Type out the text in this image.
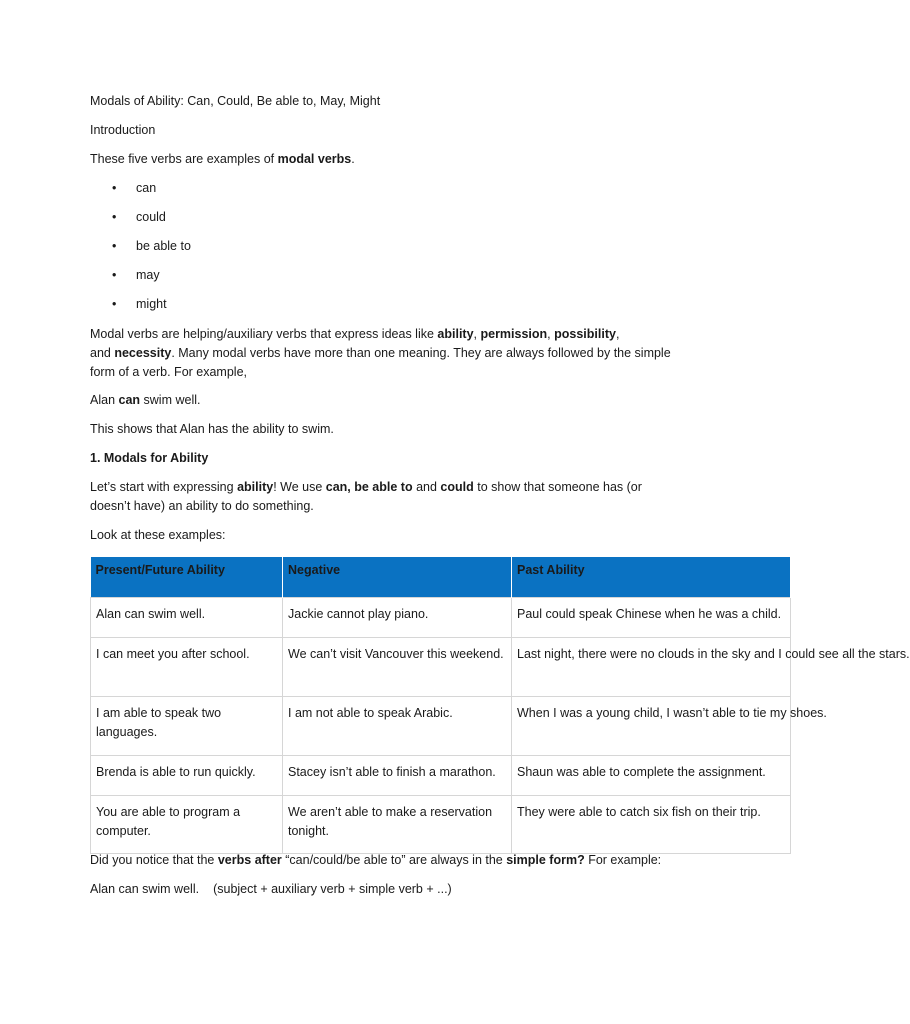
Modals of Ability: Can, Could, Be able to, May, Might

Introduction

These five verbs are examples of modal verbs.

• can
• could
• be able to
• may
• might

Modal verbs are helping/auxiliary verbs that express ideas like ability, permission, possibility,
and necessity. Many modal verbs have more than one meaning. They are always followed by the simple
form of a verb. For example,

Alan can swim well.

This shows that Alan has the ability to swim.

1. Modals for Ability

Let’s start with expressing ability! We use can, be able to and could to show that someone has (or
doesn’t have) an ability to do something.

Look at these examples:

Present/Future Ability	Negative	Past Ability
Alan can swim well.	Jackie cannot play piano.	Paul could speak Chinese when he was a child.
I can meet you after school.	We can’t visit Vancouver this weekend.	Last night, there were no clouds in the sky and I could see all the stars.
I am able to speak two languages.	I am not able to speak Arabic.	When I was a young child, I wasn’t able to tie my shoes.
Brenda is able to run quickly.	Stacey isn’t able to finish a marathon.	Shaun was able to complete the assignment.
You are able to program a computer.	We aren’t able to make a reservation tonight.	They were able to catch six fish on their trip.

Did you notice that the verbs after “can/could/be able to” are always in the simple form? For example:

Alan can swim well. (subject + auxiliary verb + simple verb + ...)
